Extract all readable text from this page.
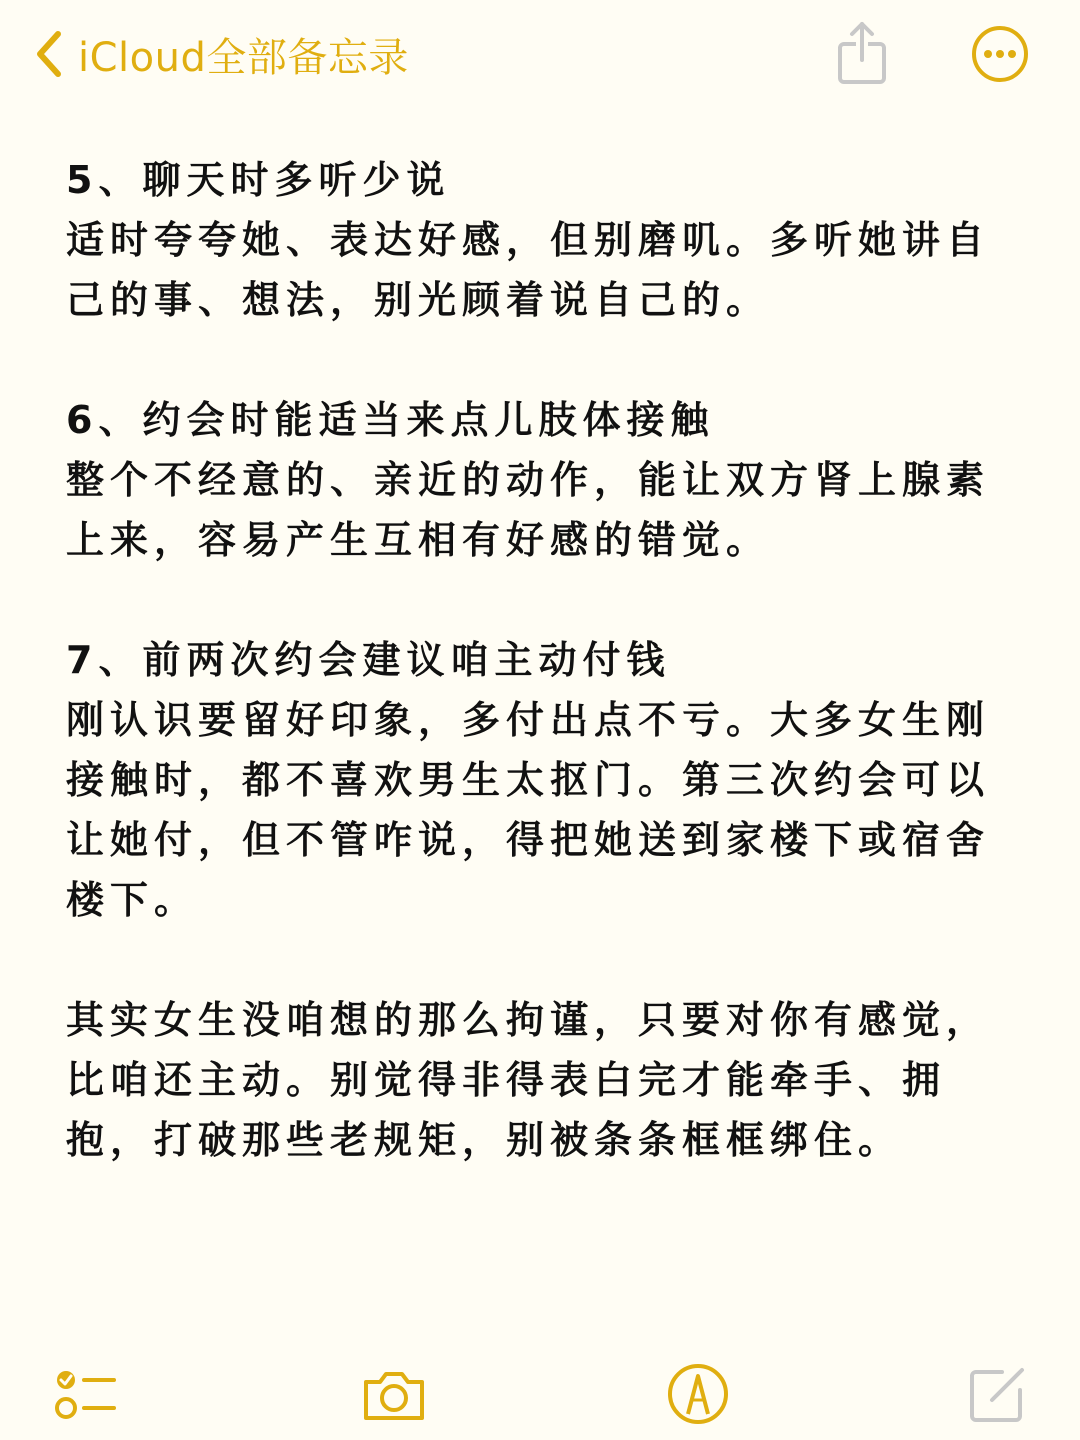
iCloud全部备忘录

5、聊天时多听少说

适时夸夸她、表达好感，但别磨叽。多听她讲自己的事、想法，别光顾着说自己的。

6、约会时能适当来点儿肢体接触

整个不经意的、亲近的动作，能让双方肾上腺素上来，容易产生互相有好感的错觉。

7、前两次约会建议咱主动付钱

刚认识要留好印象，多付出点不亏。大多女生刚接触时，都不喜欢男生太抠门。第三次约会可以让她付，但不管咋说，得把她送到家楼下或宿舍楼下。

其实女生没咱想的那么拘谨，只要对你有感觉，比咱还主动。别觉得非得表白完才能牵手、拥抱，打破那些老规矩，别被条条框框绑住。
